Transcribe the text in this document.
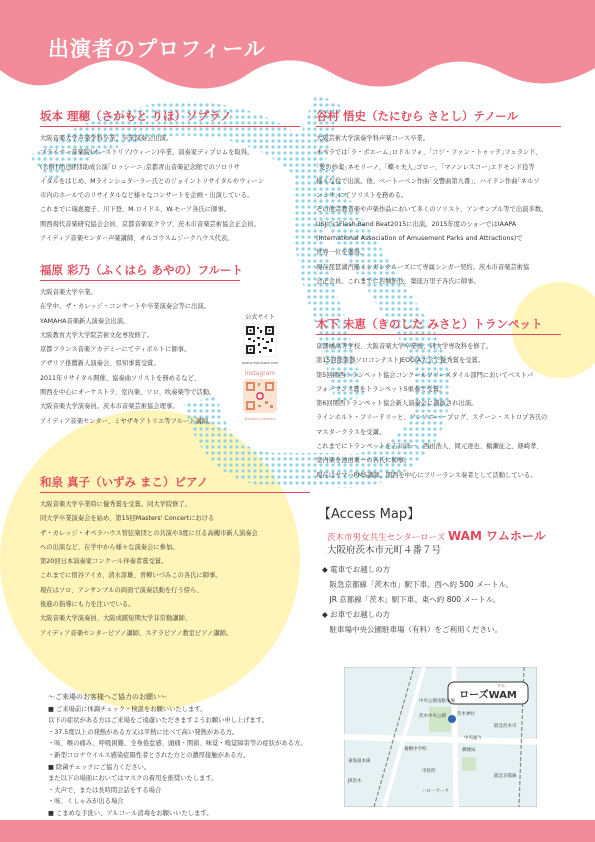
出演者のプロフィール
坂本 理穂（さかもと りほ）ソプラノ
大阪音楽大学声楽学科卒業、卒業演奏会出演。
ブライナー音楽院(オーストリア/ウィーン)卒業、演奏家ディプロムを取得。
(公財)青山財団助成公演｢ロッシーニ｣京都青山音楽記念館でのソロリサ
イタルをはじめ、Mラインシュターラー氏とのジョイントリサイタルやウィーン
市内のホールでのリサイタルなど様々なコンサートを企画・出演している。
これまでに瑞恵慶子、川下登、M.ロイドル、W.モーア各氏に師事。
関西現代音楽研究協会会員、京都音楽家クラブ、茨木市音楽芸術協会正会員。
アイディア音楽センター声楽講師、オルゴウスムジーク八ウス代表。
福原 彩乃（ふくはら あやの）フルート
大阪音楽大学卒業。
在学中、ザ・カレッジ・コンサートや卒業演奏会等に出演。
YAMAHA音楽新人演奏会出演。
大阪教育大学大学院芸術文化専攻修了。
京都フランス音楽アカデミーにてディボルトに師事。
アザリア推薦新人演奏会、県知事賞受賞。
2011年リサイタル開催、協奏曲ソリストを務めるなど、
関西を中心にオーケストラ、室内楽、ソロ、吹奏楽等で活動。
大阪音楽大学演奏員。茨木市音楽芸術協会理事。
アイディア音楽センター、ミヤザキアトリエ等フルート講師。
公式サイト
ayano-fukuhara.com
Instagram
@ayano_fukuhara
和泉 真子（いずみ まこ）ピアノ
大阪音楽大学卒業時に優秀賞を受賞。同大学院修了。
同大学卒業演奏会を始め、第15回Masters' Concertにおける
ザ・カレッジ・オペラハウス管弦楽団との共演や3度に亘る高槻市新人演奏会
への出演など、在学中から様々な演奏会に参加。
第20回日本演奏家コンクール伴奏者賞受賞。
これまでに宿谷アイカ、清水淳雄、青柳いづみこの各氏に師事。
現在はソロ、アンサンブルの両面で演奏活動を行う傍ら、
後進の指導にも力を注いでいる。
大阪音楽大学演奏員、大阪成蹊短期大学非常勤講師、
アイディア音楽センターピアノ講師、ステラピアノ教室ピアノ講師。
谷村 悟史（たにむら さとし）テノール
大阪芸術大学演奏学科声楽コース卒業。
オペラでは｢ラ・ボエーム｣ロドルフォ、｢コジ・ファン・トゥッテ｣フェランド、
｢愛の妙薬｣ネモリーノ、｢蝶々夫人｣ゴロー、｢マノンレスコー｣エドモンド役等
様々な役で出演。他、ベートーベン作曲｢交響曲第九番｣、ハイドン作曲｢ネルソ
ンミサ｣にてソリストを務める。
その他宗教音楽や声楽作品において多くのソリスト、アンサンブル等で出演多数。
USJではFlash Band Beat2015に出演。2015年度のショーではIAAPA
(International Association of Amusement Parks and Attractions)で
世界一位を獲得。
現在琵琶湖汽船ミシガンクルーズにて専属シンガー契約。茨木市音楽芸術協
会正会員。これまでに岩城拓也、築座万里子各氏に師事。
木下 未恵（きのした みさと）トランペット
京都橘高等学校、大阪音楽大学卒業後、同大学専攻科を修了。
第15回熊楽器ソロコンテストJEOGIA大会で優秀賞を受賞。
第5回関西トランペット協会コンクールフリースタイル部門においてベストパ
フォーマンス賞をトランペット5重奏で受賞。
第6回関西トランペット協会新人演奏会に選抜され出演。
ラインホルト・フリードリッヒ、アンソニー・プログ、ステーン・ストロプ各氏の
マスタークラスを受講。
これまでにトランペットを吉川洋一、西田浩人、岡元達也、槇瀬征之、篠崎孝、
室内楽を池田重一の各氏に師事。
現在はヤマハPMS講師。関西を中心にフリーランス奏者として活動している。
【Access Map】
茨木市男女共生センターローズ WAM ワムホール
大阪府茨木市元町４番７号
◆ 電車でお越しの方
　阪急京都線「茨木市」駅下車。西へ約 500 メートル。
　JR 京都線「茨木」駅下車。東へ約 800 メートル。
◆ お車でお越しの方
　駐車場中央公園駐車場（有料）をご利用ください。
～ご来場のお客様へご協力のお願い～
■ ご来場前に体調チェック・検温をお願いいたします。
以下の症状がある方はご来場をご遠慮いただきますようお願い申し上げます。
・37.5度以上の発熱がある方又は平熱に比べて高い発熱がある方。
・咳、喉の痛み、呼吸困難、全身倦怠感、頭痛・関節、味覚・嗅覚障害等の症状がある方。
・新型コロナウイルス感染症陽性者とされた方との濃厚接触がある方。
■ 除菌チェックにご協力ください。
また以下の場面においてはマスクの着用を推奨いたします。
・大声で、または長時間会話をする場合
・咳、くしゃみが出る場合
■ こまめな手洗い、アルコール消毒をお願いいたします。
ワム
ローズWAM
中央公園南駐車場
茨木中央公園 茨木神社
養精中学校
市役所
ハローワーク
郵便局
JR茨木
阪急茨木市
中央通り
阪急京都線
東海道本線
